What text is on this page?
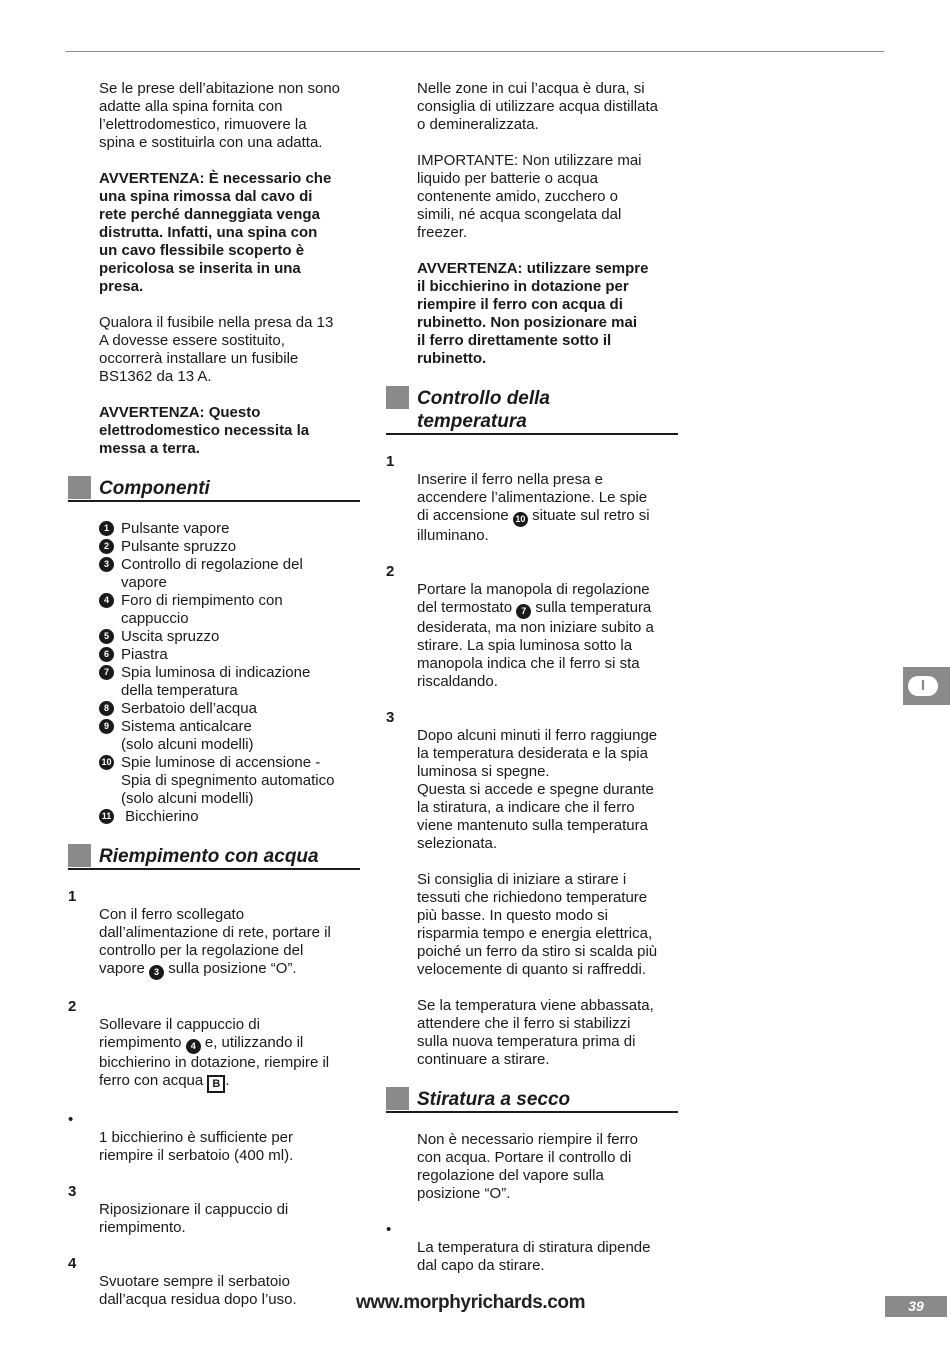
Se le prese dell’abitazione non sono
adatte alla spina fornita con
l’elettrodomestico, rimuovere la
spina e sostituirla con una adatta.
AVVERTENZA: È necessario che
una spina rimossa dal cavo di
rete perché danneggiata venga
distrutta. Infatti, una spina con
un cavo flessibile scoperto è
pericolosa se inserita in una
presa.
Qualora il fusibile nella presa da 13
A dovesse essere sostituito,
occorrerà installare un fusibile
BS1362 da 13 A.
AVVERTENZA: Questo
elettrodomestico necessita la
messa a terra.
Componenti
1 Pulsante vapore
2 Pulsante spruzzo
3 Controllo di regolazione del
vapore
4 Foro di riempimento con
cappuccio
5 Uscita spruzzo
6 Piastra
7 Spia luminosa di indicazione
della temperatura
8 Serbatoio dell’acqua
9 Sistema anticalcare
(solo alcuni modelli)
10 Spie luminose di accensione -
Spia di spegnimento automatico
(solo alcuni modelli)
11 Bicchierino
Riempimento con acqua

1
Con il ferro scollegato
dall’alimentazione di rete, portare il
controllo per la regolazione del
vapore 3 sulla posizione “O”.

2
Sollevare il cappuccio di
riempimento 4 e, utilizzando il
bicchierino in dotazione, riempire il
ferro con acqua B .

•
1 bicchierino è sufficiente per
riempire il serbatoio (400 ml).

3
Riposizionare il cappuccio di
riempimento.

4
Svuotare sempre il serbatoio
dall’acqua residua dopo l’uso.

Nelle zone in cui l’acqua è dura, si
consiglia di utilizzare acqua distillata
o demineralizzata.
IMPORTANTE: Non utilizzare mai
liquido per batterie o acqua
contenente amido, zucchero o
simili, né acqua scongelata dal
freezer.
AVVERTENZA: utilizzare sempre
il bicchierino in dotazione per
riempire il ferro con acqua di
rubinetto. Non posizionare mai
il ferro direttamente sotto il
rubinetto.
Controllo della
temperatura

1
Inserire il ferro nella presa e
accendere l’alimentazione. Le spie
di accensione 10 situate sul retro si
illuminano.

2
Portare la manopola di regolazione
del termostato 7 sulla temperatura
desiderata, ma non iniziare subito a
stirare. La spia luminosa sotto la
manopola indica che il ferro si sta
riscaldando.

3
Dopo alcuni minuti il ferro raggiunge
la temperatura desiderata e la spia
luminosa si spegne.
Questa si accede e spegne durante
la stiratura, a indicare che il ferro
viene mantenuto sulla temperatura
selezionata.

Si consiglia di iniziare a stirare i
tessuti che richiedono temperature
più basse. In questo modo si
risparmia tempo e energia elettrica,
poiché un ferro da stiro si scalda più
velocemente di quanto si raffreddi.
Se la temperatura viene abbassata,
attendere che il ferro si stabilizzi
sulla nuova temperatura prima di
continuare a stirare.
Stiratura a secco
Non è necessario riempire il ferro
con acqua. Portare il controllo di
regolazione del vapore sulla
posizione “O”.

•
La temperatura di stiratura dipende
dal capo da stirare.

I
www.morphyrichards.com	39
